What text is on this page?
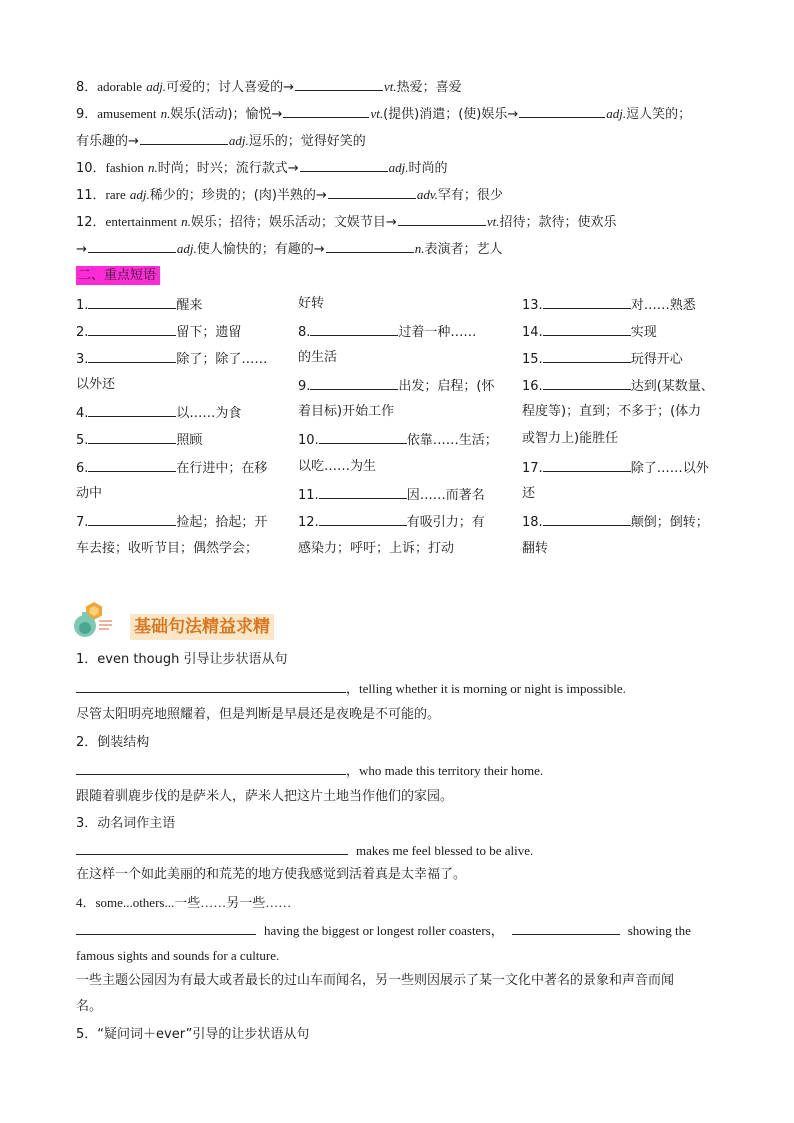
8．adorable adj.可爱的；讨人喜爱的→	vt.热爱；喜爱
9．amusement n.娱乐(活动)；愉悦→	vt.(提供)消遣；(使)娱乐→	adj.逗人笑的；
有乐趣的→	adj.逗乐的；觉得好笑的
10．fashion n.时尚；时兴；流行款式→	adj.时尚的
11．rare adj.稀少的；珍贵的；(肉)半熟的→	adv.罕有；很少
12．entertainment n.娱乐；招待；娱乐活动；文娱节目→	vt.招待；款待；使欢乐
→	adj.使人愉快的；有趣的→	n.表演者；艺人
二、重点短语
1.	醒来
2.	留下；遗留
3.	除了；除了……
以外还
4.	以……为食
5.	照顾
6.	在行进中；在移
动中
7.	捡起；拾起；开
车去接；收听节目；偶然学会；
好转
8.	过着一种……
的生活
9.	出发；启程；(怀
着目标)开始工作
10.	依靠……生活；
以吃……为生
11.	因……而著名
12.	有吸引力；有
感染力；呼吁；上诉；打动
13.	对……熟悉
14.	实现
15.	玩得开心
16.	达到(某数量、
程度等)；直到；不多于；(体力
或智力上)能胜任
17.	除了……以外
还
18.	颠倒；倒转；
翻转
基础句法精益求精
1．even though 引导让步状语从句
，telling whether it is morning or night is impossible.
尽管太阳明亮地照耀着，但是判断是早晨还是夜晚是不可能的。
2．倒装结构
，who made this territory their home.
跟随着驯鹿步伐的是萨米人，萨米人把这片土地当作他们的家园。
3．动名词作主语
makes me feel blessed to be alive.
在这样一个如此美丽的和荒芜的地方使我感觉到活着真是太幸福了。
4．some...others...一些……另一些……
having the biggest or longest roller coasters，	showing the
famous sights and sounds for a culture.
一些主题公园因为有最大或者最长的过山车而闻名，另一些则因展示了某一文化中著名的景象和声音而闻
名。
5．“疑问词＋ever”引导的让步状语从句
